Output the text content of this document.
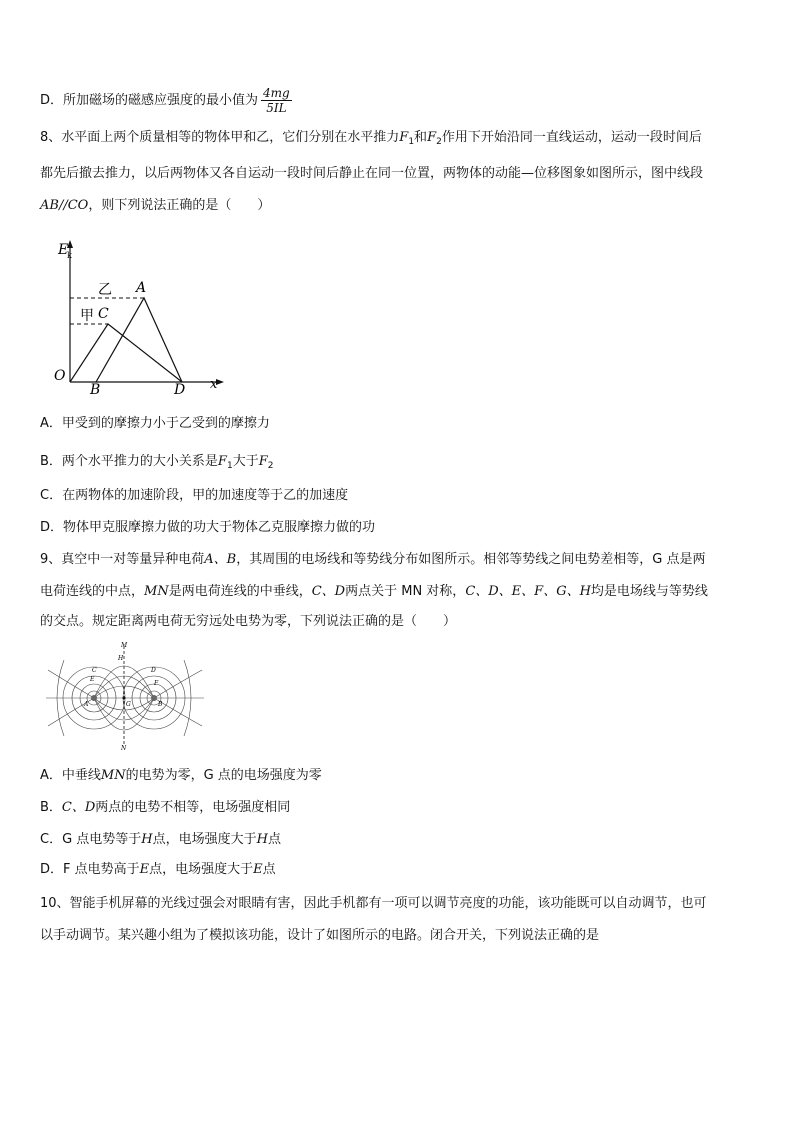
D．所加磁场的磁感应强度的最小值为 $\frac{4mg}{5IL}$
8、水平面上两个质量相等的物体甲和乙，它们分别在水平推力$F_1$和$F_2$作用下开始沿同一直线运动，运动一段时间后
都先后撤去推力，以后两物体又各自运动一段时间后静止在同一位置，两物体的动能—位移图象如图所示，图中线段
AB//CO，则下列说法正确的是（　　）
E
k
x
O
A
B
C
D
乙
甲
A．甲受到的摩擦力小于乙受到的摩擦力
B．两个水平推力的大小关系是$F_1$大于$F_2$
C．在两物体的加速阶段，甲的加速度等于乙的加速度
D．物体甲克服摩擦力做的功大于物体乙克服摩擦力做的功
9、真空中一对等量异种电荷A、B，其周围的电场线和等势线分布如图所示。相邻等势线之间电势差相等，G 点是两
电荷连线的中点，MN是两电荷连线的中垂线，C、D两点关于 MN 对称，C、D、E、F、G、H均是电场线与等势线
的交点。规定距离两电荷无穷远处电势为零，下列说法正确的是（　　）
M
N
H
C	D
E
F
G
A	B
A．中垂线MN的电势为零，G 点的电场强度为零
B．C、D两点的电势不相等，电场强度相同
C．G 点电势等于H点，电场强度大于H点
D．F 点电势高于E点，电场强度大于E点
10、智能手机屏幕的光线过强会对眼睛有害，因此手机都有一项可以调节亮度的功能，该功能既可以自动调节，也可
以手动调节。某兴趣小组为了模拟该功能，设计了如图所示的电路。闭合开关，下列说法正确的是
